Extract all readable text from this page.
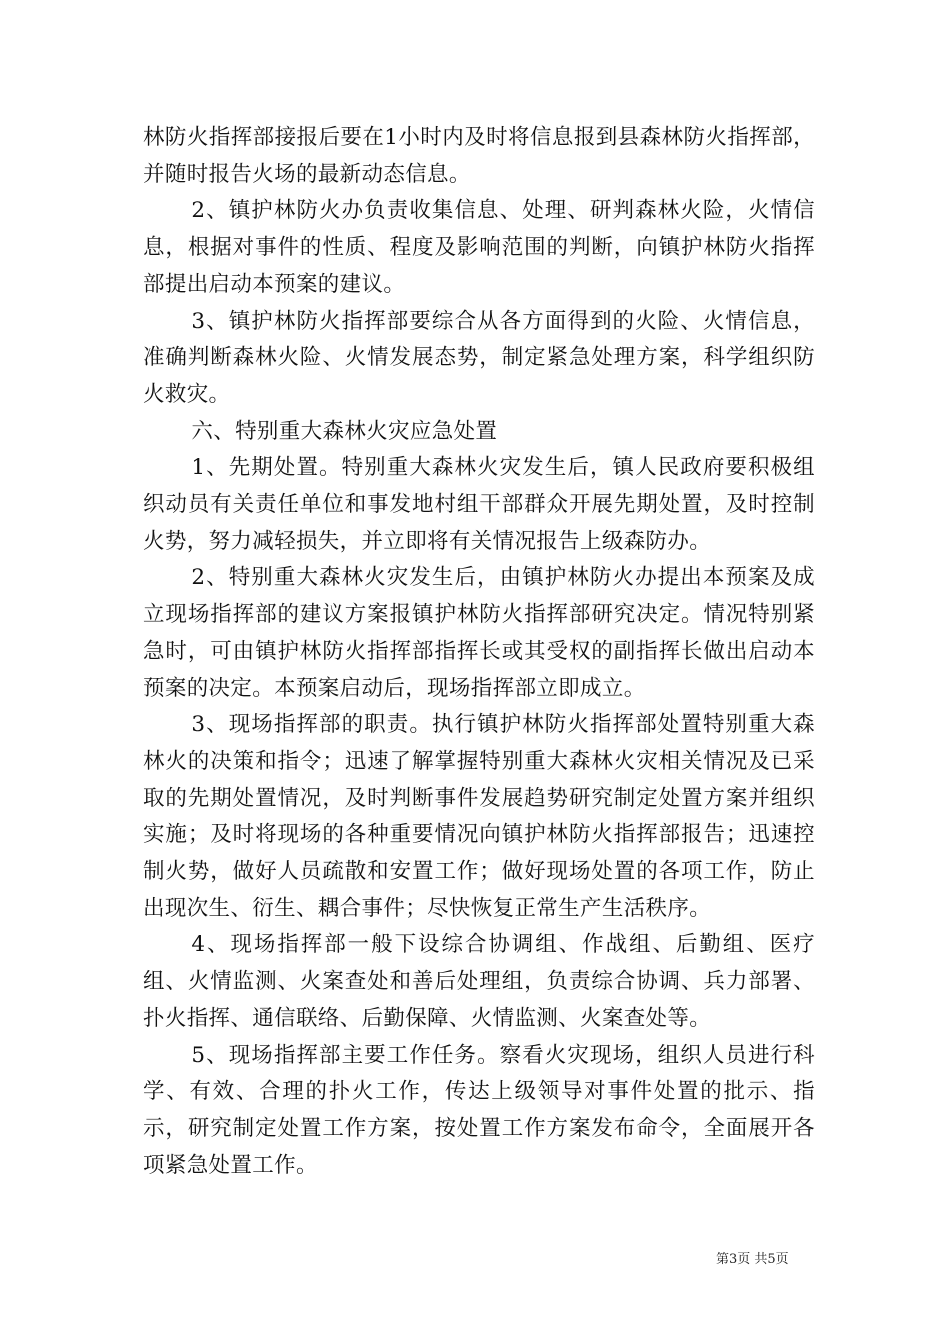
林防火指挥部接报后要在1小时内及时将信息报到县森林防火指挥部，并随时报告火场的最新动态信息。

2、镇护林防火办负责收集信息、处理、研判森林火险，火情信息，根据对事件的性质、程度及影响范围的判断，向镇护林防火指挥部提出启动本预案的建议。

3、镇护林防火指挥部要综合从各方面得到的火险、火情信息，准确判断森林火险、火情发展态势，制定紧急处理方案，科学组织防火救灾。

六、特别重大森林火灾应急处置

1、先期处置。特别重大森林火灾发生后，镇人民政府要积极组织动员有关责任单位和事发地村组干部群众开展先期处置，及时控制火势，努力减轻损失，并立即将有关情况报告上级森防办。

2、特别重大森林火灾发生后，由镇护林防火办提出本预案及成立现场指挥部的建议方案报镇护林防火指挥部研究决定。情况特别紧急时，可由镇护林防火指挥部指挥长或其受权的副指挥长做出启动本预案的决定。本预案启动后，现场指挥部立即成立。

3、现场指挥部的职责。执行镇护林防火指挥部处置特别重大森林火的决策和指令；迅速了解掌握特别重大森林火灾相关情况及已采取的先期处置情况，及时判断事件发展趋势研究制定处置方案并组织实施；及时将现场的各种重要情况向镇护林防火指挥部报告；迅速控制火势，做好人员疏散和安置工作；做好现场处置的各项工作，防止出现次生、衍生、耦合事件；尽快恢复正常生产生活秩序。

4、现场指挥部一般下设综合协调组、作战组、后勤组、医疗组、火情监测、火案查处和善后处理组，负责综合协调、兵力部署、扑火指挥、通信联络、后勤保障、火情监测、火案查处等。

5、现场指挥部主要工作任务。察看火灾现场，组织人员进行科学、有效、合理的扑火工作，传达上级领导对事件处置的批示、指示，研究制定处置工作方案，按处置工作方案发布命令，全面展开各项紧急处置工作。

第3页 共5页
